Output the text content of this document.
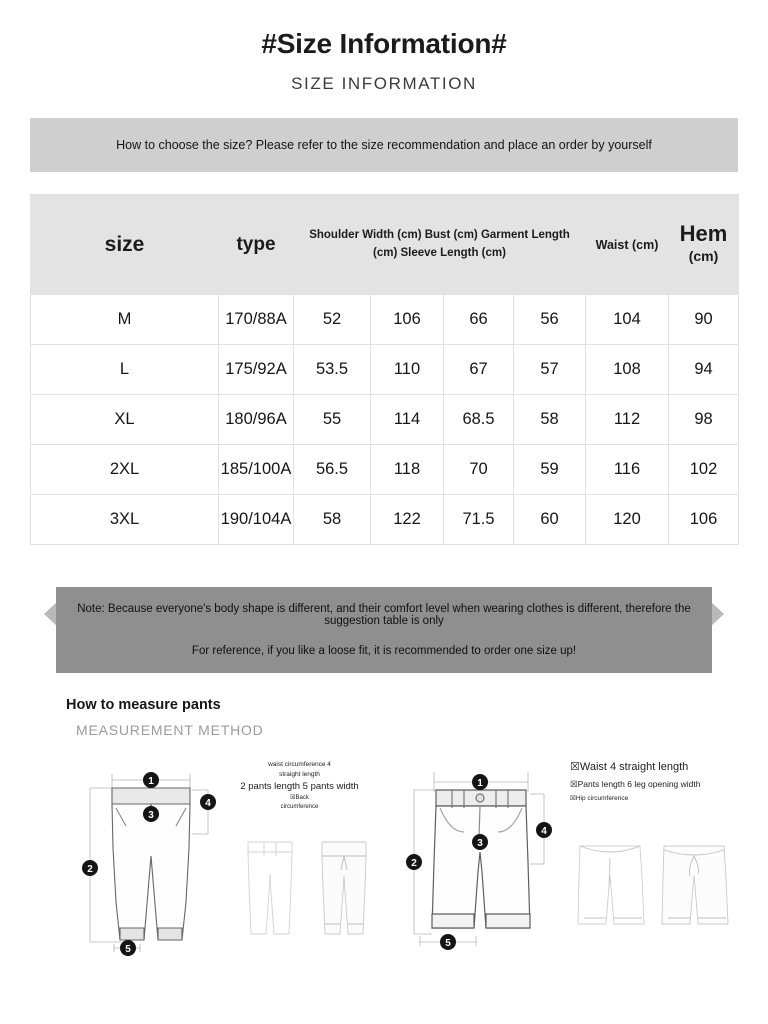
#Size Information#
SIZE INFORMATION
How to choose the size? Please refer to the size recommendation and place an order by yourself
size	type	Shoulder Width (cm) Bust (cm) Garment Length (cm) Sleeve Length (cm)				Waist (cm)	Hem
(cm)

M	170/88A	52	106	66	56	104	90
L	175/92A	53.5	110	67	57	108	94
XL	180/96A	55	114	68.5	58	112	98
2XL	185/100A	56.5	118	70	59	116	102
3XL	190/104A	58	122	71.5	60	120	106
Note: Because everyone's body shape is different, and their comfort level when wearing clothes is different, therefore the suggestion table is only
For reference, if you like a loose fit, it is recommended to order one size up!
How to measure pants
MEASUREMENT METHOD
1
2
3
4
5
waist circumference 4
straight length
2 pants length 5 pants width
☒Back
circumference
1
2
3
4
5
☒Waist 4 straight length
☒Pants length 6 leg opening width
☒Hip circumference
